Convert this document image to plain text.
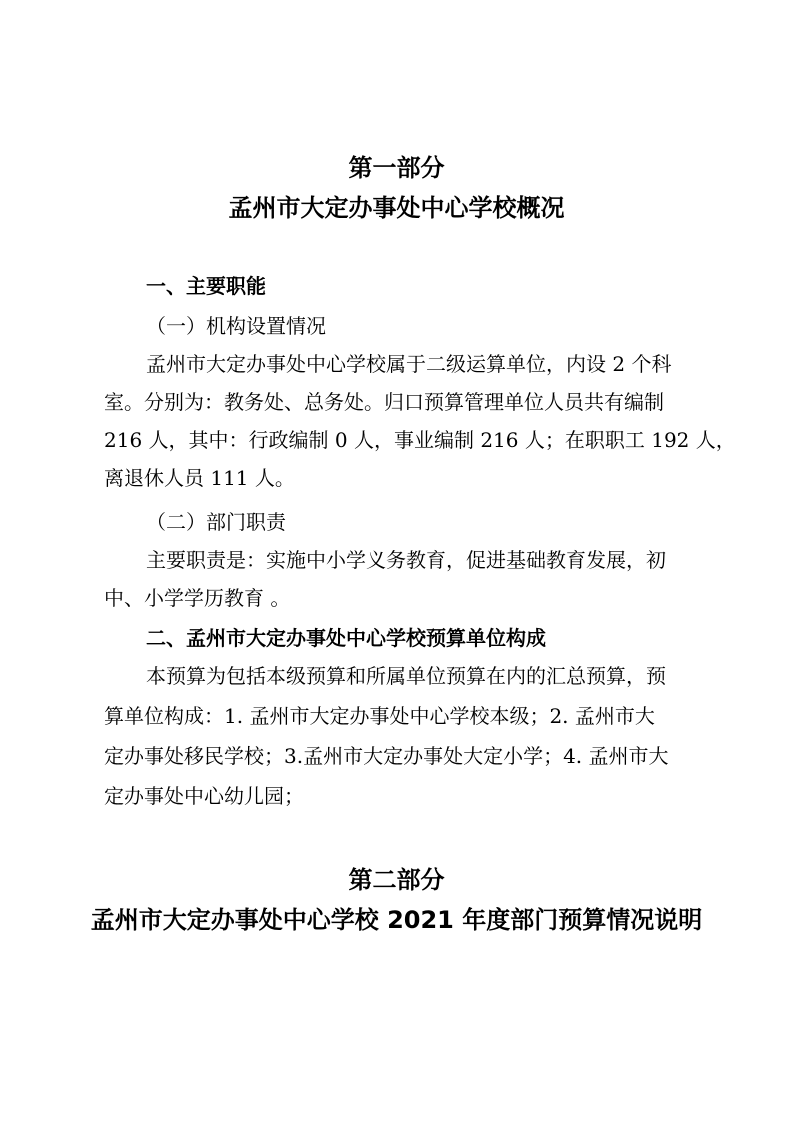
第一部分
孟州市大定办事处中心学校概况
一、主要职能
（一）机构设置情况
孟州市大定办事处中心学校属于二级运算单位，内设 2 个科
室。分别为：教务处、总务处。归口预算管理单位人员共有编制
216 人，其中：行政编制 0 人，事业编制 216 人；在职职工 192 人，
离退休人员 111 人。
（二）部门职责
主要职责是：实施中小学义务教育，促进基础教育发展，初
中、小学学历教育 。
二、孟州市大定办事处中心学校预算单位构成
本预算为包括本级预算和所属单位预算在内的汇总预算，预
算单位构成：1. 孟州市大定办事处中心学校本级；2. 孟州市大
定办事处移民学校；3.孟州市大定办事处大定小学；4. 孟州市大
定办事处中心幼儿园；
第二部分
孟州市大定办事处中心学校 2021 年度部门预算情况说明
